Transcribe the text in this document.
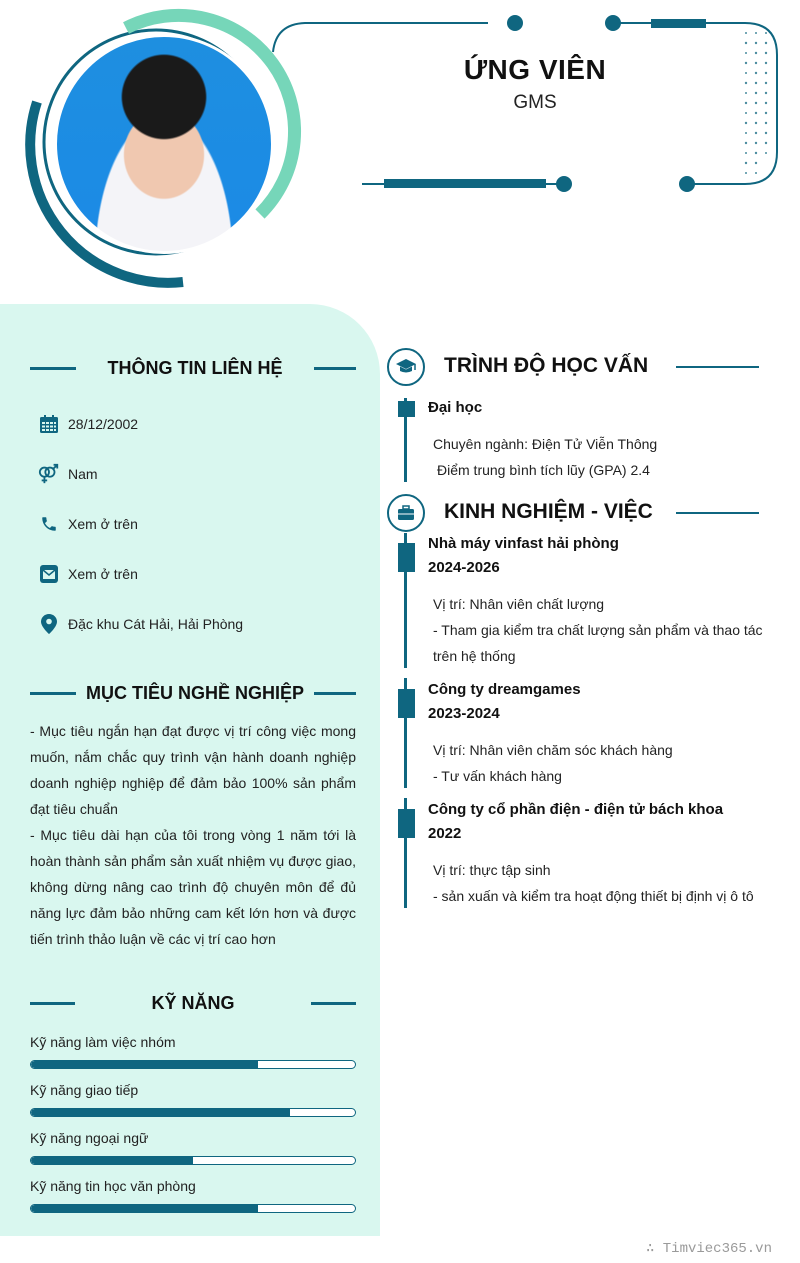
ỨNG VIÊN
GMS
THÔNG TIN LIÊN HỆ
28/12/2002
Nam
Xem ở trên
Xem ở trên
Đặc khu Cát Hải, Hải Phòng
MỤC TIÊU NGHỀ NGHIỆP

- Mục tiêu ngắn hạn đạt được vị trí công việc mong muốn, nắm chắc quy trình vận hành doanh nghiệp doanh nghiệp nghiệp để đảm bảo 100% sản phẩm đạt tiêu chuẩn

- Mục tiêu dài hạn của tôi trong vòng 1 năm tới là hoàn thành sản phẩm sản xuất nhiệm vụ được giao, không dừng nâng cao trình độ chuyên môn để đủ năng lực đảm bảo những cam kết lớn hơn và được tiến trình thảo luận về các vị trí cao hơn

KỸ NĂNG
Kỹ năng làm việc nhóm
Kỹ năng giao tiếp
Kỹ năng ngoại ngữ
Kỹ năng tin học văn phòng
TRÌNH ĐỘ HỌC VẤN
Đại học
Chuyên ngành: Điện Tử Viễn Thông
Điểm trung bình tích lũy (GPA) 2.4
KINH NGHIỆM - VIỆC
Nhà máy vinfast hải phòng
2024-2026
Vị trí: Nhân viên chất lượng
- Tham gia kiểm tra chất lượng sản phẩm và thao tác
trên hệ thống
Công ty dreamgames
2023-2024
Vị trí: Nhân viên chăm sóc khách hàng
- Tư vấn khách hàng
Công ty cổ phần điện - điện tử bách khoa
2022
Vị trí: thực tập sinh
- sản xuấn và kiểm tra hoạt động thiết bị định vị ô tô
∴ Timviec365.vn
